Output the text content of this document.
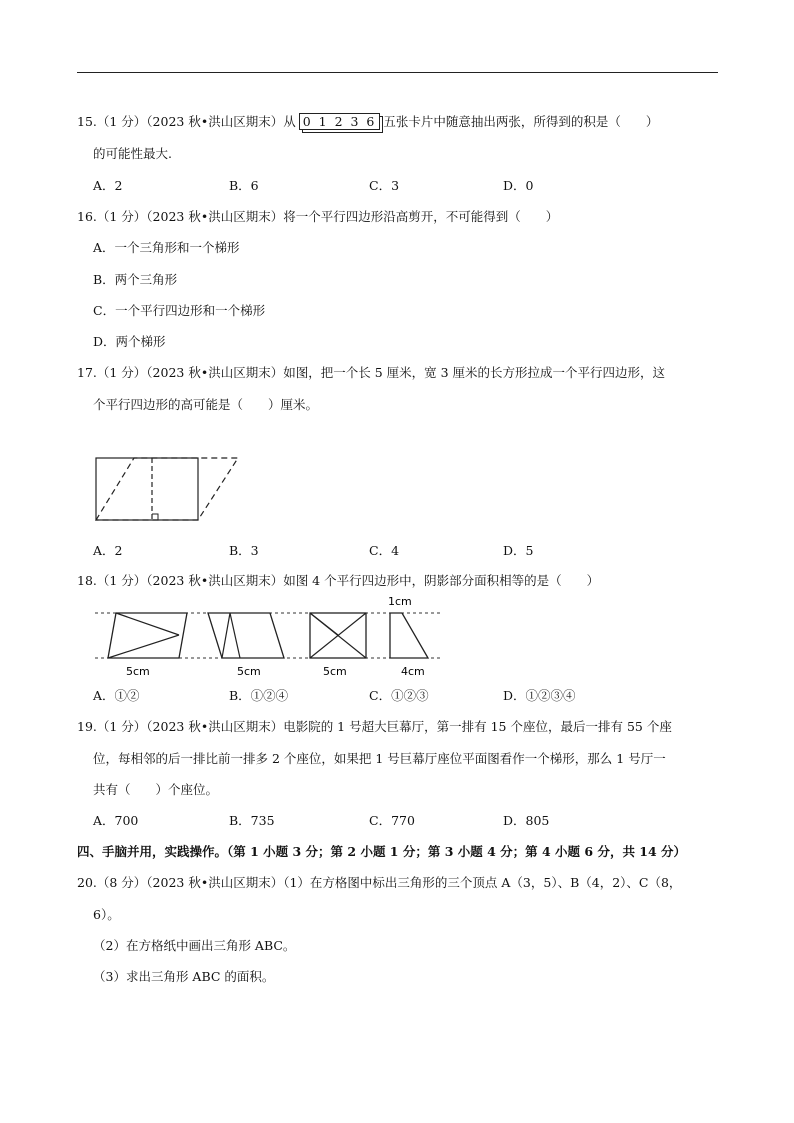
15.（1 分）（2023 秋•洪山区期末）从 0 1 2 3 6 五张卡片中随意抽出两张，所得到的积是（　　）
的可能性最大.
A．2	B．6	C．3	D．0
16.（1 分）（2023 秋•洪山区期末）将一个平行四边形沿高剪开，不可能得到（　　）
A．一个三角形和一个梯形
B．两个三角形
C．一个平行四边形和一个梯形
D．两个梯形
17.（1 分）（2023 秋•洪山区期末）如图，把一个长 5 厘米，宽 3 厘米的长方形拉成一个平行四边形，这
个平行四边形的高可能是（　　）厘米。
A．2	B．3	C．4	D．5
18.（1 分）（2023 秋•洪山区期末）如图 4 个平行四边形中，阴影部分面积相等的是（　　）
1cm
5cm	5cm	5cm	4cm
A．①②	B．①②④	C．①②③	D．①②③④
19.（1 分）（2023 秋•洪山区期末）电影院的 1 号超大巨幕厅，第一排有 15 个座位，最后一排有 55 个座
位，每相邻的后一排比前一排多 2 个座位，如果把 1 号巨幕厅座位平面图看作一个梯形，那么 1 号厅一
共有（　　）个座位。
A．700	B．735	C．770	D．805
四、手脑并用，实践操作。（第 1 小题 3 分；第 2 小题 1 分；第 3 小题 4 分；第 4 小题 6 分，共 14 分）
20.（8 分）（2023 秋•洪山区期末）（1）在方格图中标出三角形的三个顶点 A（3，5）、B（4，2）、C（8，
6）。
（2）在方格纸中画出三角形 ABC。
（3）求出三角形 ABC 的面积。
